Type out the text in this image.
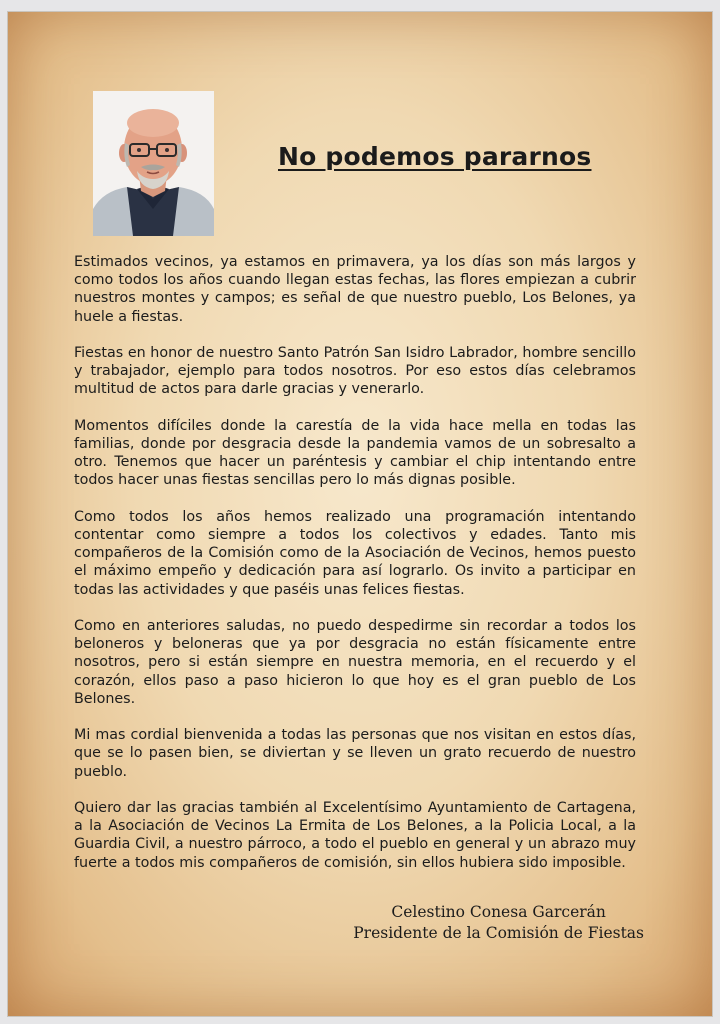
No podemos pararnos

Estimados vecinos, ya estamos en primavera, ya los días son más largos y como todos los años cuando llegan estas fechas, las flores empiezan a cubrir nuestros montes y campos; es señal de que nuestro pueblo, Los Belones, ya huele a fiestas.

Fiestas en honor de nuestro Santo Patrón San Isidro Labrador, hombre sencillo y trabajador, ejemplo para todos nosotros. Por eso estos días celebramos multitud de actos para darle gracias y venerarlo.

Momentos difíciles donde la carestía de la vida hace mella en todas las familias, donde por desgracia desde la pandemia vamos de un sobresalto a otro. Tenemos que hacer un paréntesis y cambiar el chip intentando entre todos hacer unas fiestas sencillas pero lo más dignas posible.

Como todos los años hemos realizado una programación intentando contentar como siempre a todos los colectivos y edades. Tanto mis compañeros de la Comisión como de la Asociación de Vecinos, hemos puesto el máximo empeño y dedicación para así lograrlo. Os invito a participar en todas las actividades y que paséis unas felices fiestas.

Como en anteriores saludas, no puedo despedirme sin recordar a todos los beloneros y beloneras que ya por desgracia no están físicamente entre nosotros, pero si están siempre en nuestra memoria, en el recuerdo y el corazón, ellos paso a paso hicieron lo que hoy es el gran pueblo de Los Belones.

Mi mas cordial bienvenida a todas las personas que nos visitan en estos días, que se lo pasen bien, se diviertan y se lleven un grato recuerdo de nuestro pueblo.

Quiero dar las gracias también al Excelentísimo Ayuntamiento de Cartagena, a la Asociación de Vecinos La Ermita de Los Belones, a la Policia Local, a la Guardia Civil, a nuestro párroco, a todo el pueblo en general y un abrazo muy fuerte a todos mis compañeros de comisión, sin ellos hubiera sido imposible.

Celestino Conesa Garcerán
Presidente de la Comisión de Fiestas
